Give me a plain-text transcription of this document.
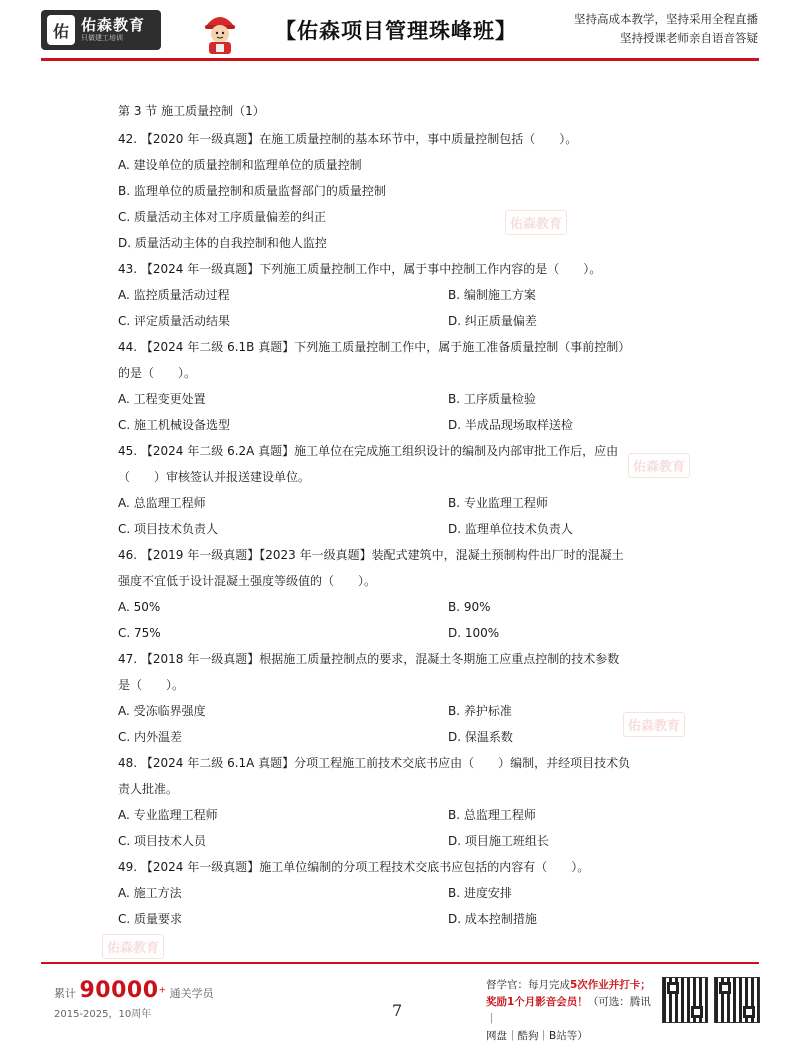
佑 佑森教育
只做建工培训	【佑森项目管理珠峰班】	坚持高成本教学，坚持采用全程直播
坚持授课老师亲自语音答疑
佑森教育
佑森教育
佑森教育
佑森教育
第 3 节 施工质量控制（1）
42. 【2020 年一级真题】在施工质量控制的基本环节中，事中质量控制包括（　　）。
A. 建设单位的质量控制和监理单位的质量控制
B. 监理单位的质量控制和质量监督部门的质量控制
C. 质量活动主体对工序质量偏差的纠正
D. 质量活动主体的自我控制和他人监控
43. 【2024 年一级真题】下列施工质量控制工作中，属于事中控制工作内容的是（　　）。
A. 监控质量活动过程	B. 编制施工方案
C. 评定质量活动结果	D. 纠正质量偏差
44. 【2024 年二级 6.1B 真题】下列施工质量控制工作中，属于施工准备质量控制（事前控制）
的是（　　）。
A. 工程变更处置	B. 工序质量检验
C. 施工机械设备选型	D. 半成品现场取样送检
45. 【2024 年二级 6.2A 真题】施工单位在完成施工组织设计的编制及内部审批工作后，应由
（　　）审核签认并报送建设单位。
A. 总监理工程师	B. 专业监理工程师
C. 项目技术负责人	D. 监理单位技术负责人
46. 【2019 年一级真题】【2023 年一级真题】装配式建筑中，混凝土预制构件出厂时的混凝土
强度不宜低于设计混凝土强度等级值的（　　）。
A. 50%	B. 90%
C. 75%	D. 100%
47. 【2018 年一级真题】根据施工质量控制点的要求，混凝土冬期施工应重点控制的技术参数
是（　　）。
A. 受冻临界强度	B. 养护标准
C. 内外温差	D. 保温系数
48. 【2024 年二级 6.1A 真题】分项工程施工前技术交底书应由（　　）编制，并经项目技术负
责人批准。
A. 专业监理工程师	B. 总监理工程师
C. 项目技术人员	D. 项目施工班组长
49. 【2024 年一级真题】施工单位编制的分项工程技术交底书应包括的内容有（　　）。
A. 施工方法	B. 进度安排
C. 质量要求	D. 成本控制措施
累计 90000+ 通关学员
2015-2025，10周年	7
督学官：每月完成5次作业并打卡；
奖励1个月影音会员！（可选：腾讯｜
网盘｜酷狗｜B站等）
